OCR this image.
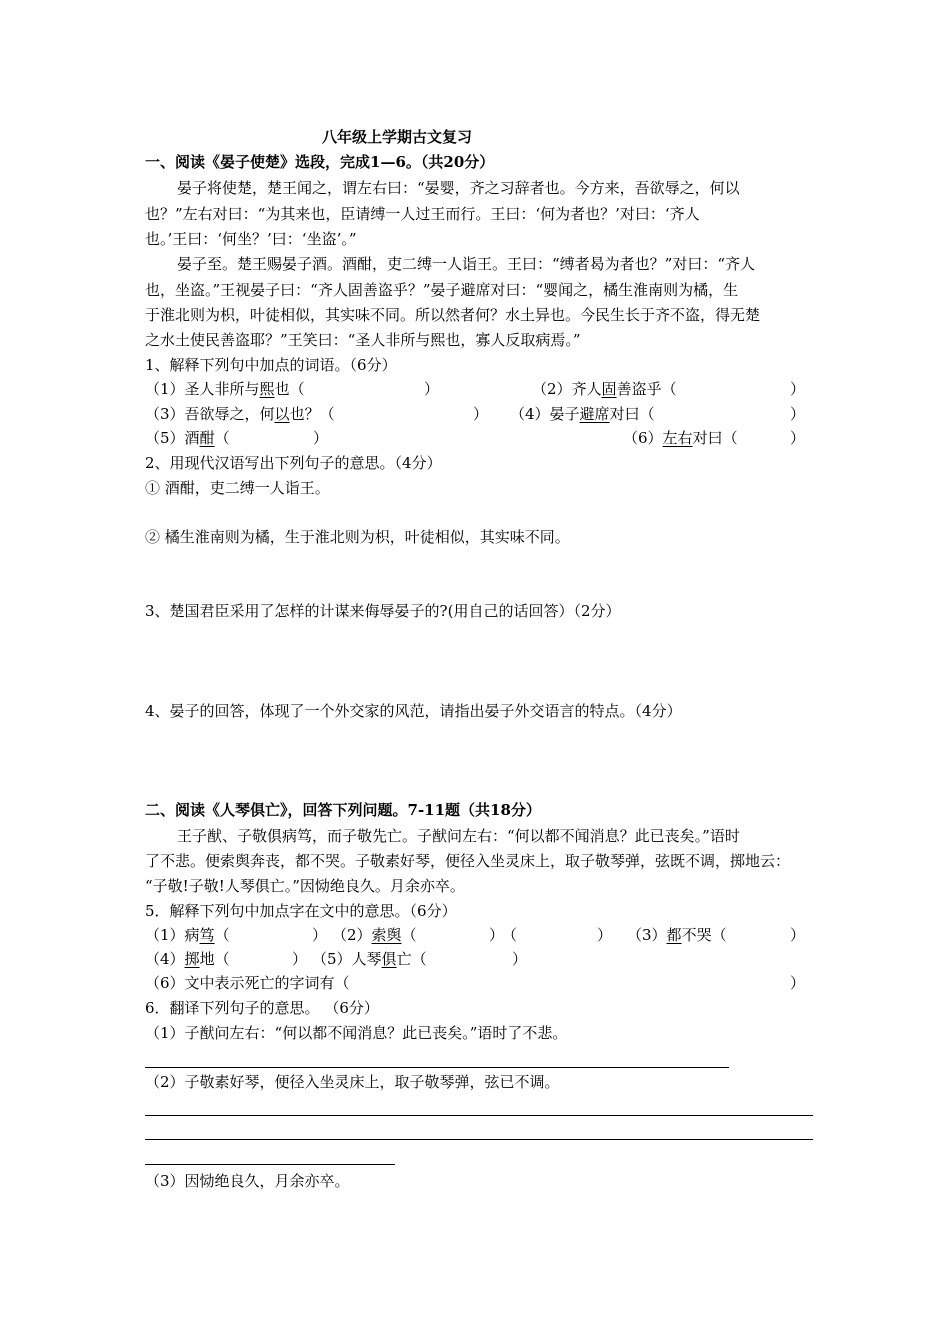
八年级上学期古文复习
一、阅读《晏子使楚》选段，完成1—6。（共20分）
晏子将使楚，楚王闻之，谓左右曰：“晏婴，齐之习辞者也。今方来，吾欲辱之，何以
也？”左右对曰：“为其来也，臣请缚一人过王而行。王曰：‘何为者也？’对曰：‘齐人
也。’王曰：‘何坐？’曰：‘坐盗’。”
晏子至。楚王赐晏子酒。酒酣，吏二缚一人诣王。王曰：“缚者曷为者也？”对曰：“齐人
也，坐盗。”王视晏子曰：“齐人固善盗乎？”晏子避席对曰：“婴闻之，橘生淮南则为橘，生
于淮北则为枳，叶徒相似，其实味不同。所以然者何？水土异也。今民生长于齐不盗，得无楚
之水土使民善盗耶？”王笑曰：“圣人非所与熙也，寡人反取病焉。”
1、解释下列句中加点的词语。（6分）
（1）圣人非所与熙也（	）	（2）齐人固善盗乎（	）
（3）吾欲辱之，何以也？（	） （4）晏子避席对曰（	）
（5）酒酣（	）	（6）左右对曰（	）
2、用现代汉语写出下列句子的意思。（4分）
① 酒酣，吏二缚一人诣王。
② 橘生淮南则为橘，生于淮北则为枳，叶徒相似，其实味不同。
3、楚国君臣采用了怎样的计谋来侮辱晏子的?(用自己的话回答）（2分）
4、晏子的回答，体现了一个外交家的风范，请指出晏子外交语言的特点。（4分）
二、阅读《人琴俱亡》，回答下列问题。7-11题（共18分）
王子猷、子敬俱病笃，而子敬先亡。子猷问左右：“何以都不闻消息？此已丧矣。”语时
了不悲。便索舆奔丧，都不哭。子敬素好琴，便径入坐灵床上，取子敬琴弹，弦既不调，掷地云：
“子敬!子敬!人琴俱亡。”因恸绝良久。月余亦卒。
5．解释下列句中加点字在文中的意思。（6分）
（1）病笃（	） （2）索舆（	）
（	） （3）都不哭（	）
（4）掷地（	） （5）人琴俱亡（	）
（6）文中表示死亡的字词有（	）
6．翻译下列句子的意思。 （6分）
（1）子猷问左右：“何以都不闻消息？此已丧矣。”语时了不悲。
（2）子敬素好琴，便径入坐灵床上，取子敬琴弹，弦已不调。
（3）因恸绝良久，月余亦卒。
